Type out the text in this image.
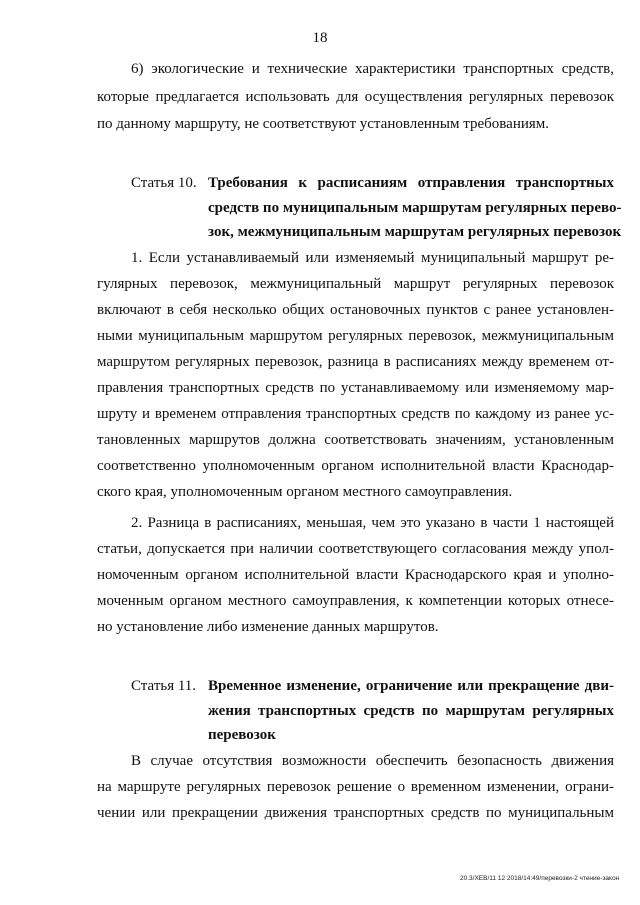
18
6) экологические и технические характеристики транспортных средств,
которые предлагается использовать для осуществления регулярных перевозок
по данному маршруту, не соответствуют установленным требованиям.
Статья 10. Требования к расписаниям отправления транспортных
средств по муниципальным маршрутам регулярных перево-
зок, межмуниципальным маршрутам регулярных перевозок
1. Если устанавливаемый или изменяемый муниципальный маршрут ре-
гулярных перевозок, межмуниципальный маршрут регулярных перевозок
включают в себя несколько общих остановочных пунктов с ранее установлен-
ными муниципальным маршрутом регулярных перевозок, межмуниципальным
маршрутом регулярных перевозок, разница в расписаниях между временем от-
правления транспортных средств по устанавливаемому или изменяемому мар-
шруту и временем отправления транспортных средств по каждому из ранее ус-
тановленных маршрутов должна соответствовать значениям, установленным
соответственно уполномоченным органом исполнительной власти Краснодар-
ского края, уполномоченным органом местного самоуправления.
2. Разница в расписаниях, меньшая, чем это указано в части 1 настоящей
статьи, допускается при наличии соответствующего согласования между упол-
номоченным органом исполнительной власти Краснодарского края и уполно-
моченным органом местного самоуправления, к компетенции которых отнесе-
но установление либо изменение данных маршрутов.
Статья 11. Временное изменение, ограничение или прекращение дви-
жения транспортных средств по маршрутам регулярных
перевозок
В случае отсутствия возможности обеспечить безопасность движения
на маршруте регулярных перевозок решение о временном изменении, ограни-
чении или прекращении движения транспортных средств по муниципальным
20.3/ХЕВ/11 12 2018/14:49/перевозки-2 чтение-закон
